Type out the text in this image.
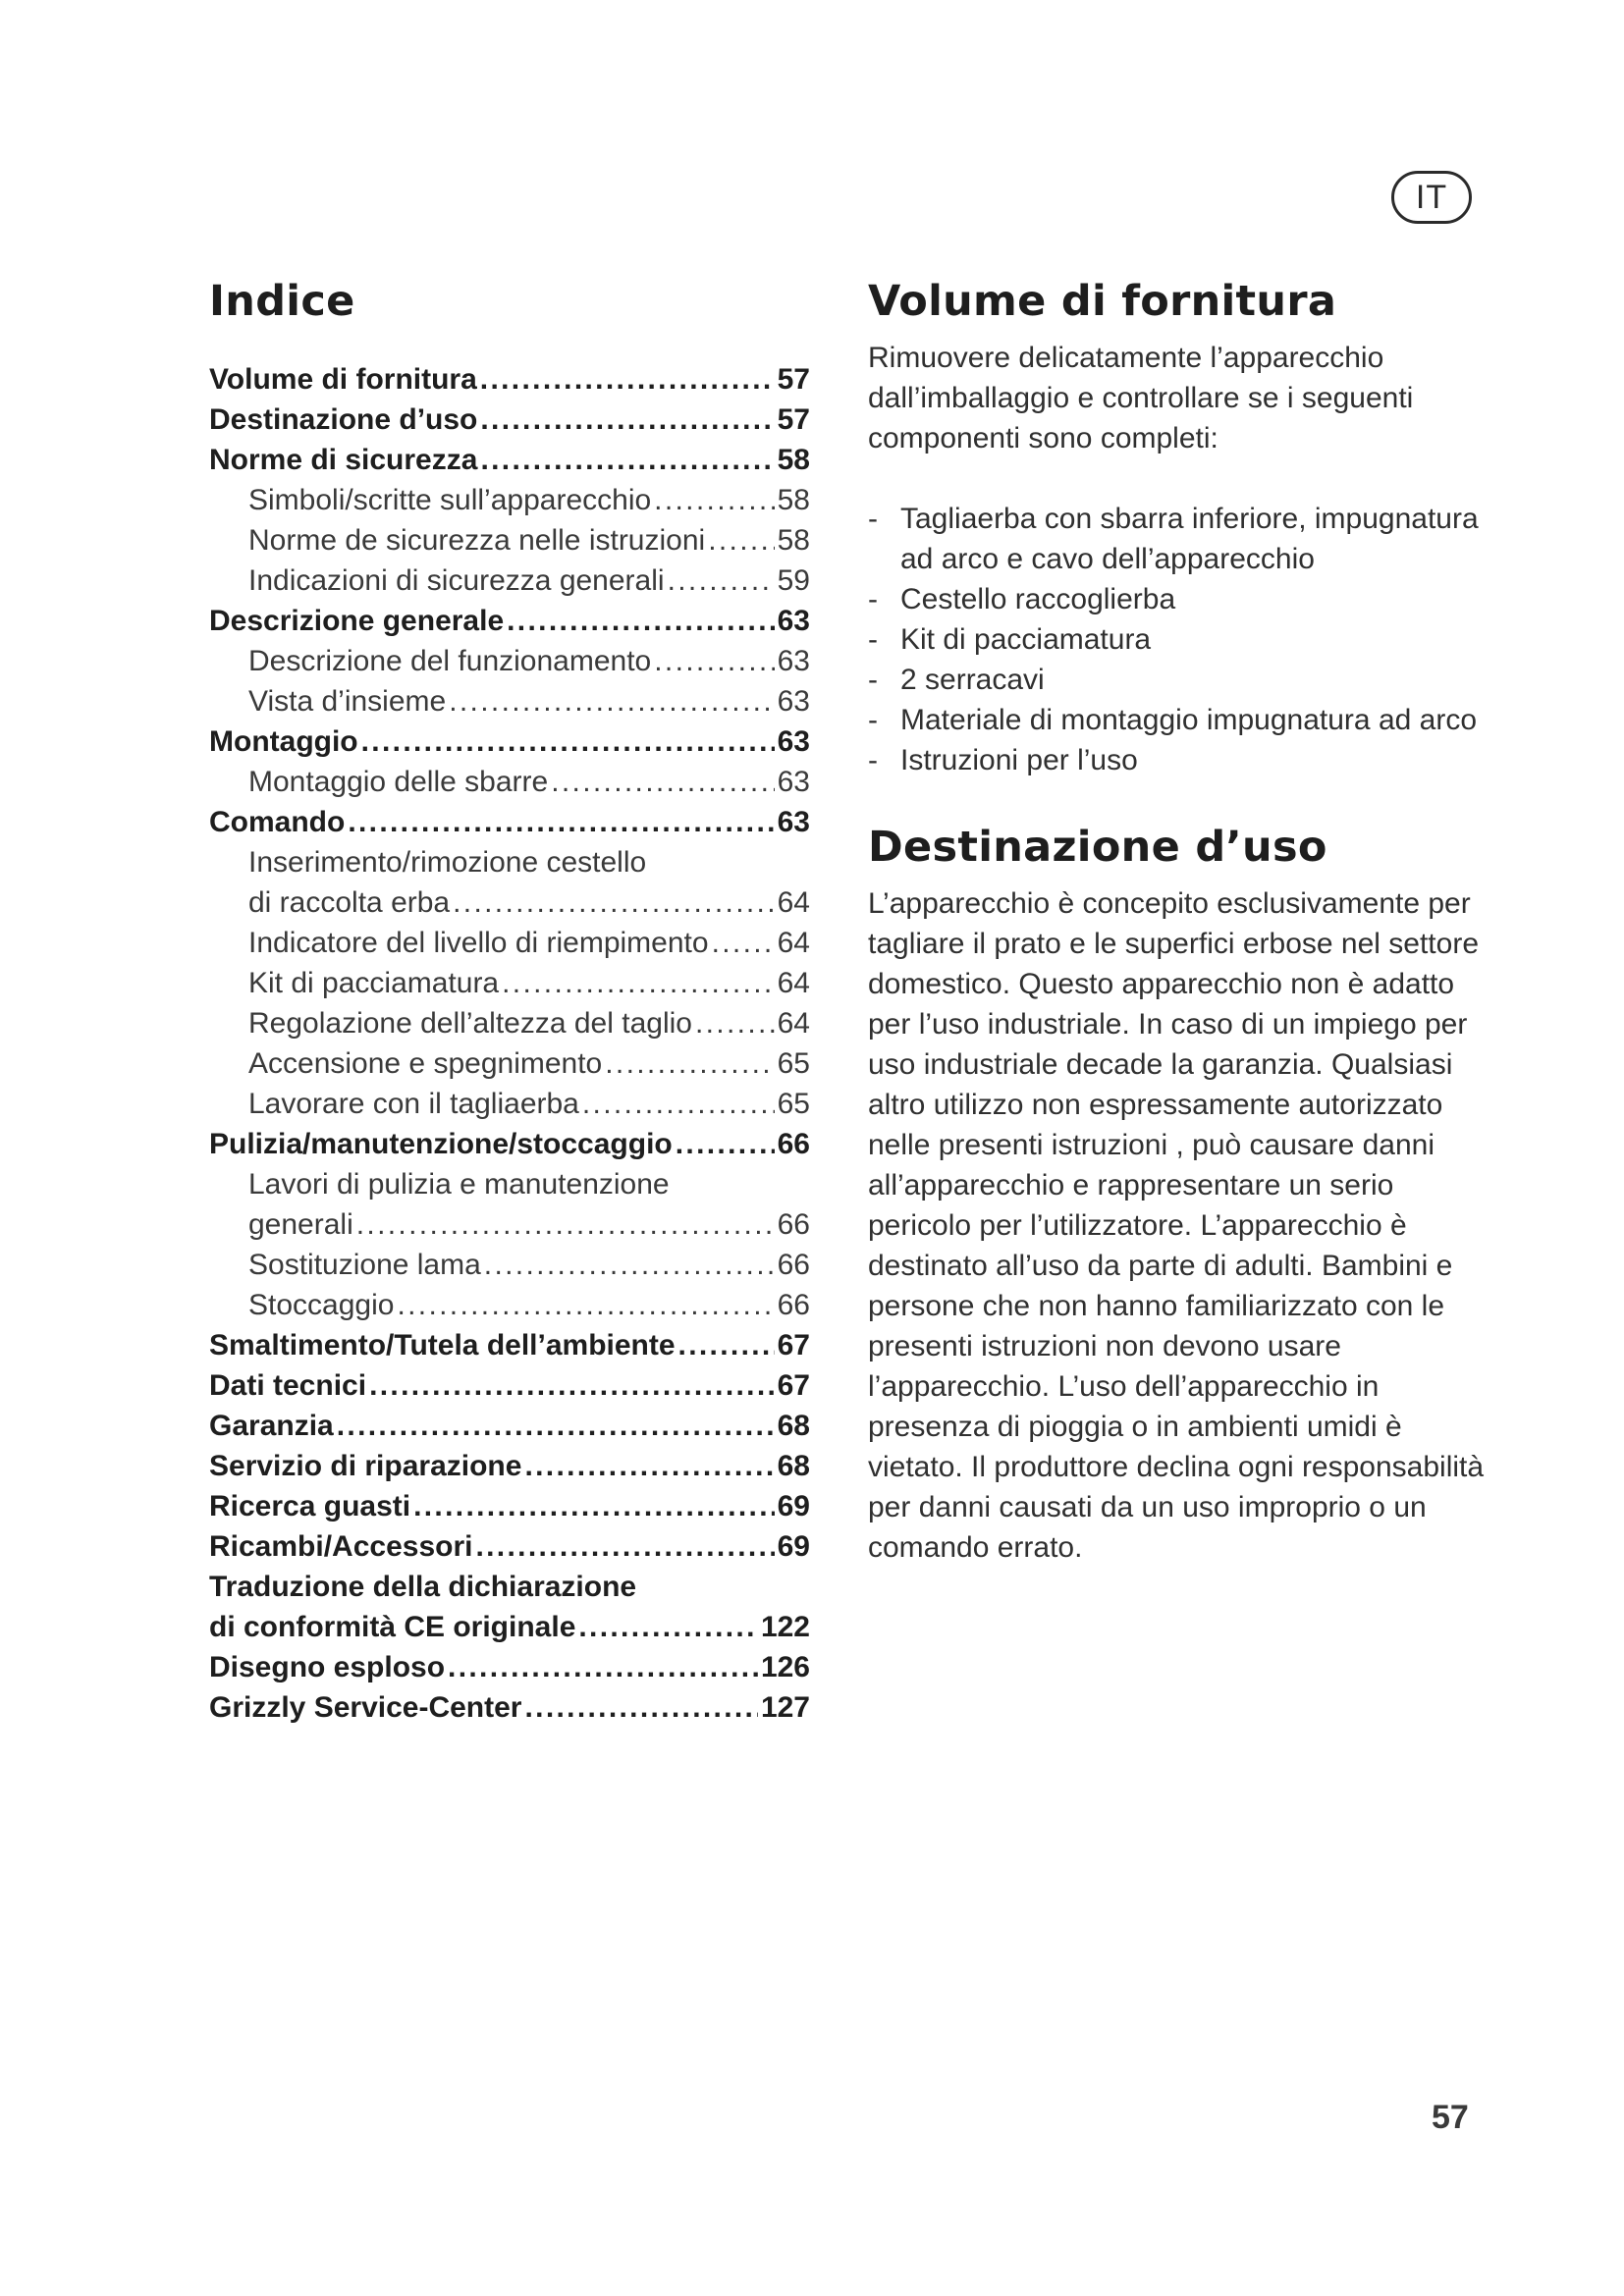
IT
Indice
Volume di fornitura . . .	57
Destinazione d’uso . . .	57
Norme di sicurezza . . .	58
Simboli/scritte sull’apparecchio . . .	58
Norme de sicurezza nelle istruzioni . . . 58
Indicazioni di sicurezza generali . . .	59
Descrizione generale . . .	63
Descrizione del funzionamento . . .	63
Vista d’insieme . . .	63
Montaggio . . .	63
Montaggio delle sbarre . . .	63
Comando . . .	63
Inserimento/rimozione cestello
di raccolta erba . . .	64
Indicatore del livello di riempimento . . . 64
Kit di pacciamatura . . .	64
Regolazione dell’altezza del taglio . . .	64
Accensione e spegnimento . . .	65
Lavorare con il tagliaerba . . .	65
Pulizia/manutenzione/stoccaggio . . .	66
Lavori di pulizia e manutenzione
generali . . .	66
Sostituzione lama . . .	66
Stoccaggio . . .	66
Smaltimento/Tutela dell’ambiente . . .	67
Dati tecnici . . .	67
Garanzia . . .	68
Servizio di riparazione . . .	68
Ricerca guasti . . .	69
Ricambi/Accessori . . .	69
Traduzione della dichiarazione
di conformità CE originale . . .	122
Disegno esploso . . .	126
Grizzly Service-Center . . .	127
Volume di fornitura

Rimuovere delicatamente l’apparecchio dall’imballaggio e controllare se i seguenti componenti sono completi:

- Tagliaerba con sbarra inferiore, impugnatura ad arco e cavo dell’apparecchio
- Cestello raccoglierba
- Kit di pacciamatura
- 2 serracavi
- Materiale di montaggio impugnatura ad arco
- Istruzioni per l’uso
Destinazione d’uso

L’apparecchio è concepito esclusivamente per tagliare il prato e le superfici erbose nel settore domestico. Questo apparecchio non è adatto per l’uso industriale. In caso di un impiego per uso industriale decade la garanzia. Qualsiasi altro utilizzo non espressamente autorizzato nelle presenti istruzioni , può causare danni all’apparecchio e rappresentare un serio pericolo per l’utilizzatore. L’apparecchio è destinato all’uso da parte di adulti. Bambini e persone che non hanno familiarizzato con le presenti istruzioni non devono usare l’apparecchio. L’uso dell’apparecchio in presenza di pioggia o in ambienti umidi è vietato. Il produttore declina ogni responsabilità per danni causati da un uso improprio o un comando errato.

57
